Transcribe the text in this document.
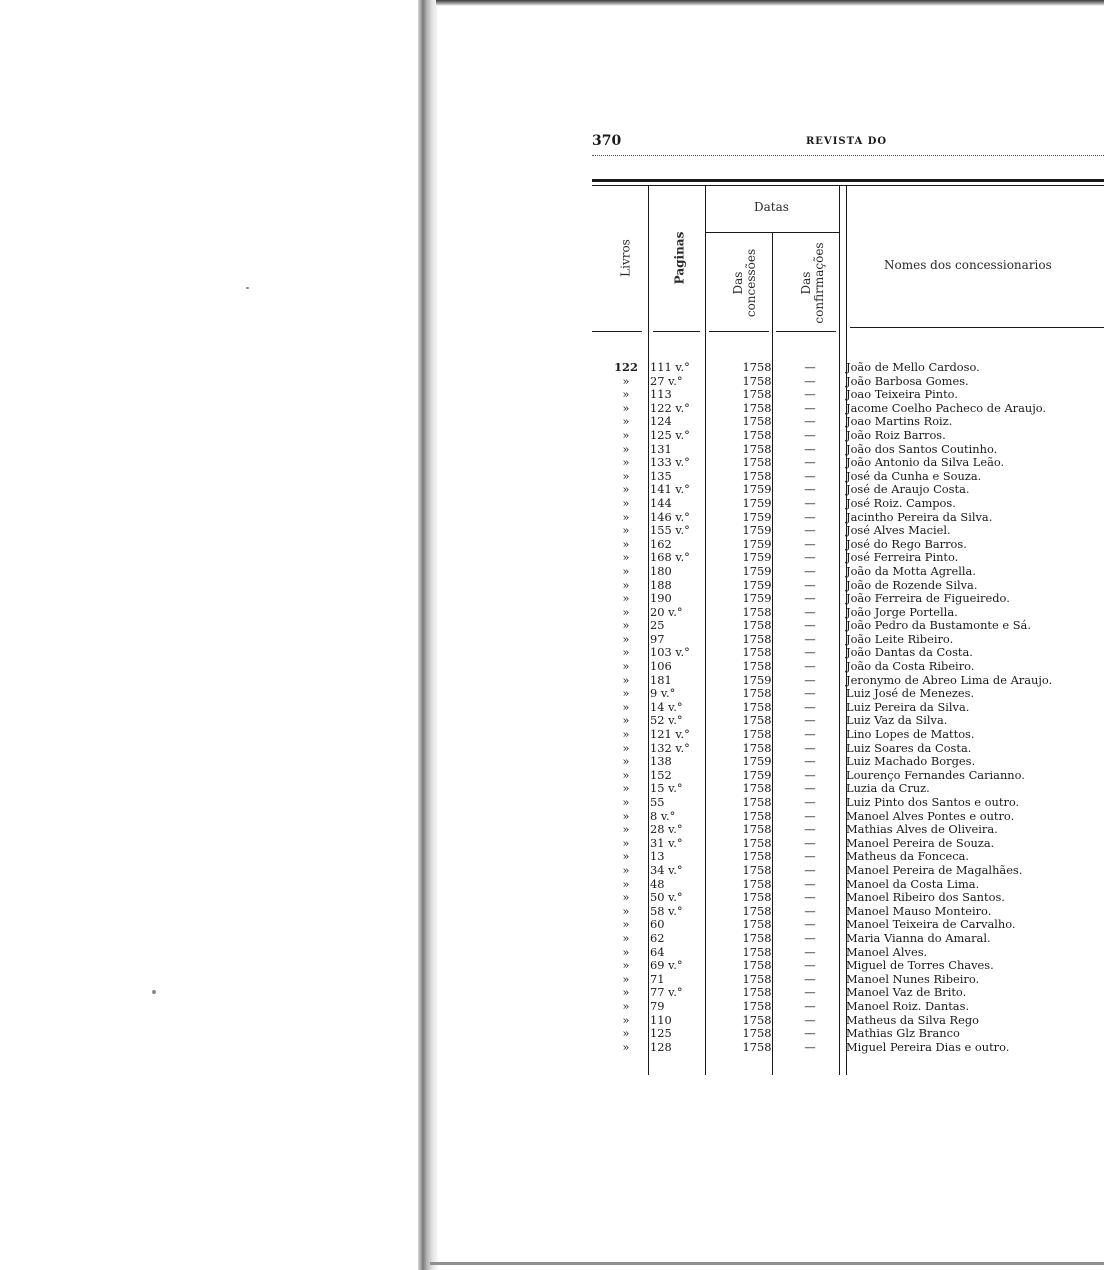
370	REVISTA DO
Livros	Paginas
Datas
Das concessões	Das confirmações	Nomes dos concessionarios
122	111 v.°	1758	—	João de Mello Cardoso.
»	27 v.°	1758	—	João Barbosa Gomes.
»	113	1758	—	Joao Teixeira Pinto.
»	122 v.°	1758	—	Jacome Coelho Pacheco de Araujo.
»	124	1758	—	Joao Martins Roiz.
»	125 v.°	1758	—	João Roiz Barros.
»	131	1758	—	João dos Santos Coutinho.
»	133 v.°	1758	—	João Antonio da Silva Leão.
»	135	1758	—	José da Cunha e Souza.
»	141 v.°	1759	—	José de Araujo Costa.
»	144	1759	—	José Roiz. Campos.
»	146 v.°	1759	—	Jacintho Pereira da Silva.
»	155 v.°	1759	—	José Alves Maciel.
»	162	1759	—	José do Rego Barros.
»	168 v.°	1759	—	José Ferreira Pinto.
»	180	1759	—	João da Motta Agrella.
»	188	1759	—	João de Rozende Silva.
»	190	1759	—	João Ferreira de Figueiredo.
»	20 v.°	1758	—	João Jorge Portella.
»	25	1758	—	João Pedro da Bustamonte e Sá.
»	97	1758	—	João Leite Ribeiro.
»	103 v.°	1758	—	João Dantas da Costa.
»	106	1758	—	João da Costa Ribeiro.
»	181	1759	—	Jeronymo de Abreo Lima de Araujo.
»	9 v.°	1758	—	Luiz José de Menezes.
»	14 v.°	1758	—	Luiz Pereira da Silva.
»	52 v.°	1758	—	Luiz Vaz da Silva.
»	121 v.°	1758	—	Lino Lopes de Mattos.
»	132 v.°	1758	—	Luiz Soares da Costa.
»	138	1759	—	Luiz Machado Borges.
»	152	1759	—	Lourenço Fernandes Carianno.
»	15 v.°	1758	—	Luzia da Cruz.
»	55	1758	—	Luiz Pinto dos Santos e outro.
»	8 v.°	1758	—	Manoel Alves Pontes e outro.
»	28 v.°	1758	—	Mathias Alves de Oliveira.
»	31 v.°	1758	—	Manoel Pereira de Souza.
»	13	1758	—	Matheus da Fonceca.
»	34 v.°	1758	—	Manoel Pereira de Magalhães.
»	48	1758	—	Manoel da Costa Lima.
»	50 v.°	1758	—	Manoel Ribeiro dos Santos.
»	58 v.°	1758	—	Manoel Mauso Monteiro.
»	60	1758	—	Manoel Teixeira de Carvalho.
»	62	1758	—	Maria Vianna do Amaral.
»	64	1758	—	Manoel Alves.
»	69 v.°	1758	—	Miguel de Torres Chaves.
»	71	1758	—	Manoel Nunes Ribeiro.
»	77 v.°	1758	—	Manoel Vaz de Brito.
»	79	1758	—	Manoel Roiz. Dantas.
»	110	1758	—	Matheus da Silva Rego
»	125	1758	—	Mathias Glz Branco
»	128	1758	—	Miguel Pereira Dias e outro.
